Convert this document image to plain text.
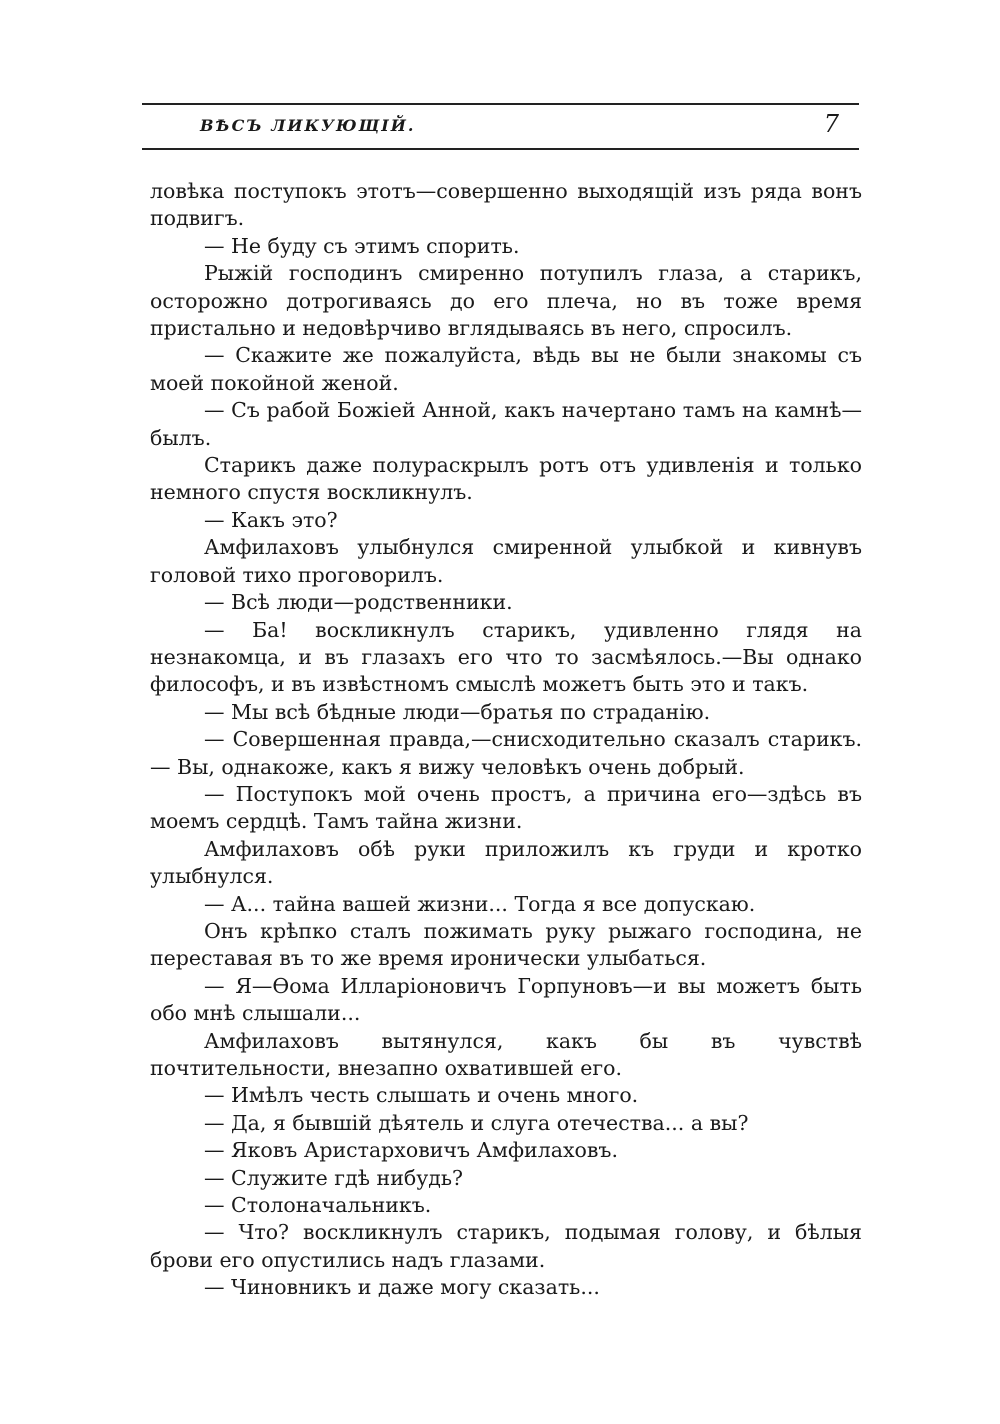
ВѢСЪ ЛИКУЮЩІЙ.	7

ловѣка поступокъ этотъ—совершенно выходящій изъ ряда вонъ подвигъ.

— Не буду съ этимъ спорить.

Рыжій господинъ смиренно потупилъ глаза, а старикъ, осторожно дотрогиваясь до его плеча, но въ тоже время пристально и недовѣрчиво вглядываясь въ него, спросилъ.

— Скажите же пожалуйста, вѣдь вы не были знакомы съ моей покойной женой.

— Съ рабой Божіей Анной, какъ начертано тамъ на камнѣ—былъ.

Старикъ даже полураскрылъ ротъ отъ удивленія и только немного спустя воскликнулъ.

— Какъ это?

Амфилаховъ улыбнулся смиренной улыбкой и кивнувъ головой тихо проговорилъ.

— Всѣ люди—родственники.

— Ба! воскликнулъ старикъ, удивленно глядя на незнакомца, и въ глазахъ его что то засмѣялось.—Вы однако философъ, и въ извѣстномъ смыслѣ можетъ быть это и такъ.

— Мы всѣ бѣдные люди—братья по страданію.

— Совершенная правда,—снисходительно сказалъ старикъ.— Вы, однакоже, какъ я вижу человѣкъ очень добрый.

— Поступокъ мой очень простъ, а причина его—здѣсь въ моемъ сердцѣ. Тамъ тайна жизни.

Амфилаховъ обѣ руки приложилъ къ груди и кротко улыбнулся.

— А... тайна вашей жизни... Тогда я все допускаю.

Онъ крѣпко сталъ пожимать руку рыжаго господина, не переставая въ то же время иронически улыбаться.

— Я—Ѳома Илларіоновичъ Горпуновъ—и вы можетъ быть обо мнѣ слышали...

Амфилаховъ вытянулся, какъ бы въ чувствѣ почтительности, внезапно охватившей его.

— Имѣлъ честь слышать и очень много.

— Да, я бывшій дѣятель и слуга отечества... а вы?

— Яковъ Аристарховичъ Амфилаховъ.

— Служите гдѣ нибудь?

— Столоначальникъ.

— Что? воскликнулъ старикъ, подымая голову, и бѣлыя брови его опустились надъ глазами.

— Чиновникъ и даже могу сказать...
